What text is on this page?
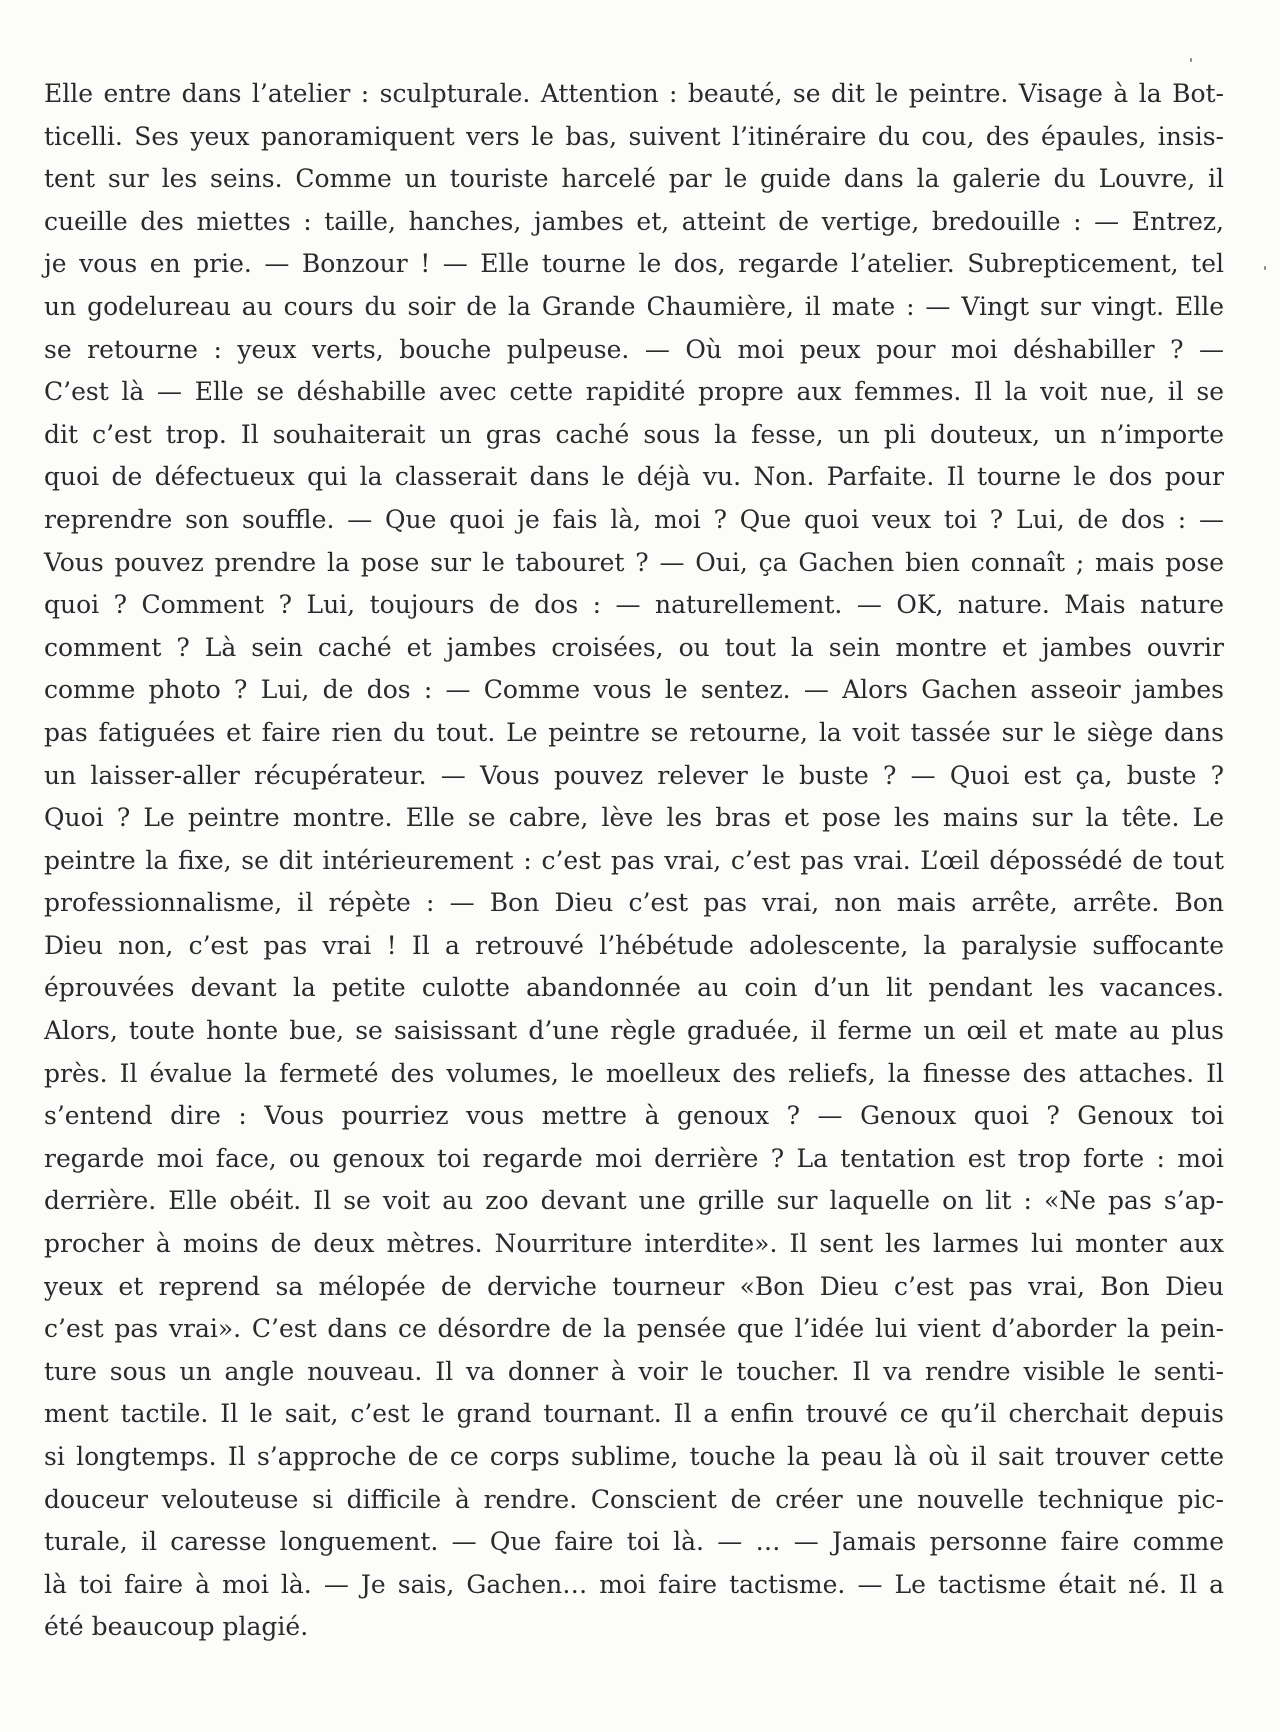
Elle entre dans l’atelier : sculpturale. Attention : beauté, se dit le peintre. Visage à la Bot-
ticelli. Ses yeux panoramiquent vers le bas, suivent l’itinéraire du cou, des épaules, insis-
tent sur les seins. Comme un touriste harcelé par le guide dans la galerie du Louvre, il
cueille des miettes : taille, hanches, jambes et, atteint de vertige, bredouille : — Entrez,
je vous en prie. — Bonzour ! — Elle tourne le dos, regarde l’atelier. Subrepticement, tel
un godelureau au cours du soir de la Grande Chaumière, il mate : — Vingt sur vingt. Elle
se retourne : yeux verts, bouche pulpeuse. — Où moi peux pour moi déshabiller ? —
C’est là — Elle se déshabille avec cette rapidité propre aux femmes. Il la voit nue, il se
dit c’est trop. Il souhaiterait un gras caché sous la fesse, un pli douteux, un n’importe
quoi de défectueux qui la classerait dans le déjà vu. Non. Parfaite. Il tourne le dos pour
reprendre son souffle. — Que quoi je fais là, moi ? Que quoi veux toi ? Lui, de dos : —
Vous pouvez prendre la pose sur le tabouret ? — Oui, ça Gachen bien connaît ; mais pose
quoi ? Comment ? Lui, toujours de dos : — naturellement. — OK, nature. Mais nature
comment ? Là sein caché et jambes croisées, ou tout la sein montre et jambes ouvrir
comme photo ? Lui, de dos : — Comme vous le sentez. — Alors Gachen asseoir jambes
pas fatiguées et faire rien du tout. Le peintre se retourne, la voit tassée sur le siège dans
un laisser-aller récupérateur. — Vous pouvez relever le buste ? — Quoi est ça, buste ?
Quoi ? Le peintre montre. Elle se cabre, lève les bras et pose les mains sur la tête. Le
peintre la fixe, se dit intérieurement : c’est pas vrai, c’est pas vrai. L’œil dépossédé de tout
professionnalisme, il répète : — Bon Dieu c’est pas vrai, non mais arrête, arrête. Bon
Dieu non, c’est pas vrai ! Il a retrouvé l’hébétude adolescente, la paralysie suffocante
éprouvées devant la petite culotte abandonnée au coin d’un lit pendant les vacances.
Alors, toute honte bue, se saisissant d’une règle graduée, il ferme un œil et mate au plus
près. Il évalue la fermeté des volumes, le moelleux des reliefs, la finesse des attaches. Il
s’entend dire : Vous pourriez vous mettre à genoux ? — Genoux quoi ? Genoux toi
regarde moi face, ou genoux toi regarde moi derrière ? La tentation est trop forte : moi
derrière. Elle obéit. Il se voit au zoo devant une grille sur laquelle on lit : «Ne pas s’ap-
procher à moins de deux mètres. Nourriture interdite». Il sent les larmes lui monter aux
yeux et reprend sa mélopée de derviche tourneur «Bon Dieu c’est pas vrai, Bon Dieu
c’est pas vrai». C’est dans ce désordre de la pensée que l’idée lui vient d’aborder la pein-
ture sous un angle nouveau. Il va donner à voir le toucher. Il va rendre visible le senti-
ment tactile. Il le sait, c’est le grand tournant. Il a enfin trouvé ce qu’il cherchait depuis
si longtemps. Il s’approche de ce corps sublime, touche la peau là où il sait trouver cette
douceur velouteuse si difficile à rendre. Conscient de créer une nouvelle technique pic-
turale, il caresse longuement. — Que faire toi là. — … — Jamais personne faire comme
là toi faire à moi là. — Je sais, Gachen… moi faire tactisme. — Le tactisme était né. Il a
été beaucoup plagié.
